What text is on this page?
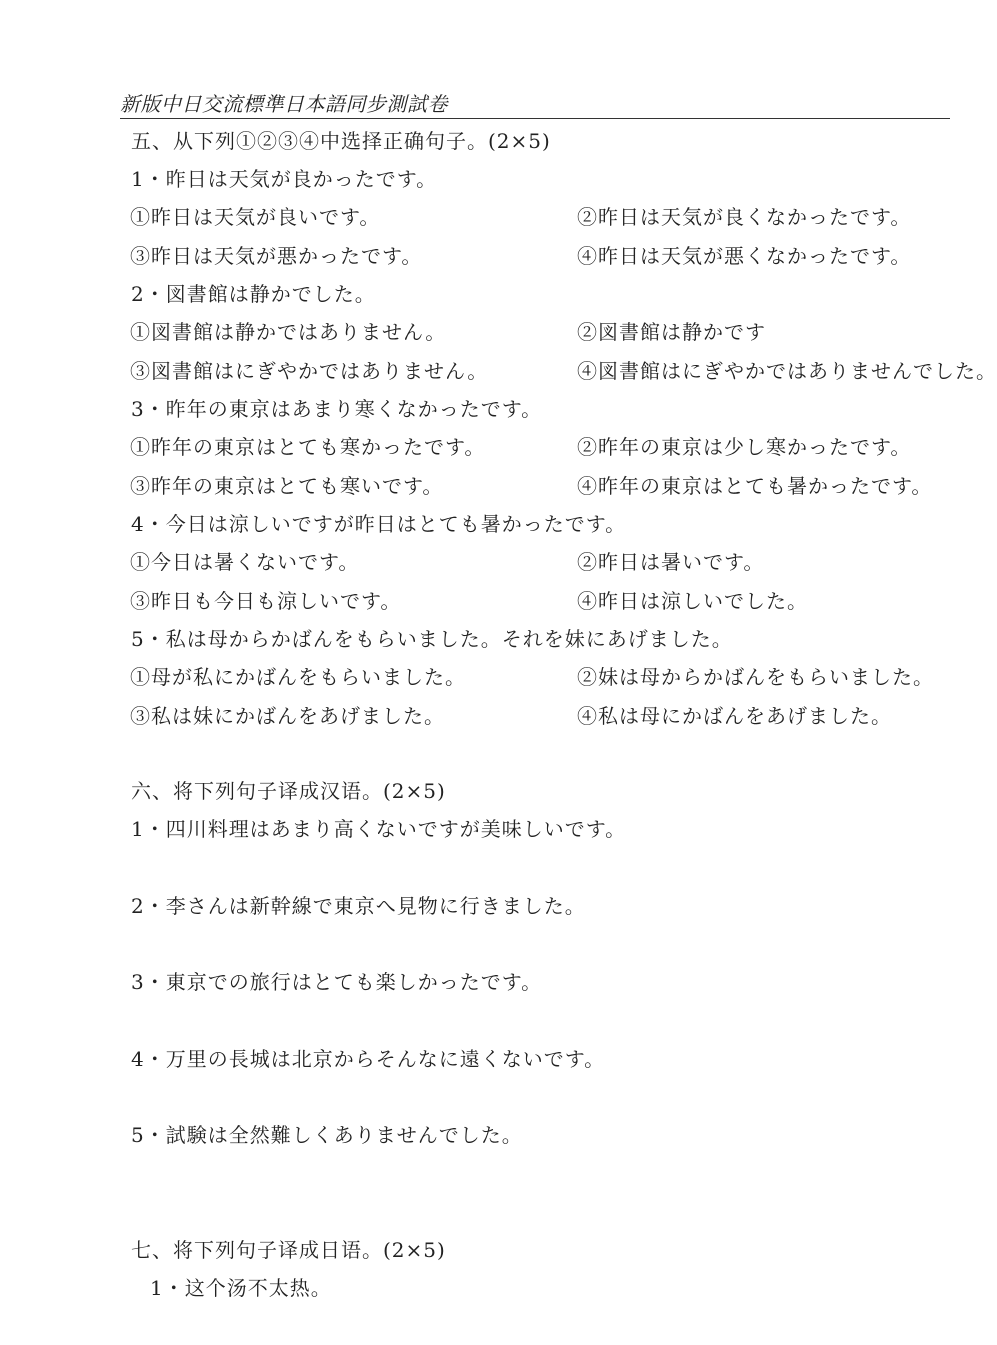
新版中日交流標準日本語同步測試卷
五、从下列①②③④中选择正确句子。(2×5)
1・昨日は天気が良かったです。
①昨日は天気が良いです。	②昨日は天気が良くなかったです。
③昨日は天気が悪かったです。	④昨日は天気が悪くなかったです。
2・図書館は静かでした。
①図書館は静かではありません。	②図書館は静かです
③図書館はにぎやかではありません。	④図書館はにぎやかではありませんでした。
3・昨年の東京はあまり寒くなかったです。
①昨年の東京はとても寒かったです。	②昨年の東京は少し寒かったです。
③昨年の東京はとても寒いです。	④昨年の東京はとても暑かったです。
4・今日は涼しいですが昨日はとても暑かったです。
①今日は暑くないです。	②昨日は暑いです。
③昨日も今日も涼しいです。	④昨日は涼しいでした。
5・私は母からかばんをもらいました。それを妹にあげました。
①母が私にかばんをもらいました。	②妹は母からかばんをもらいました。
③私は妹にかばんをあげました。	④私は母にかばんをあげました。
六、将下列句子译成汉语。(2×5)
1・四川料理はあまり高くないですが美味しいです。
2・李さんは新幹線で東京へ見物に行きました。
3・東京での旅行はとても楽しかったです。
4・万里の長城は北京からそんなに遠くないです。
5・試験は全然難しくありませんでした。
七、将下列句子译成日语。(2×5)
1・这个汤不太热。
